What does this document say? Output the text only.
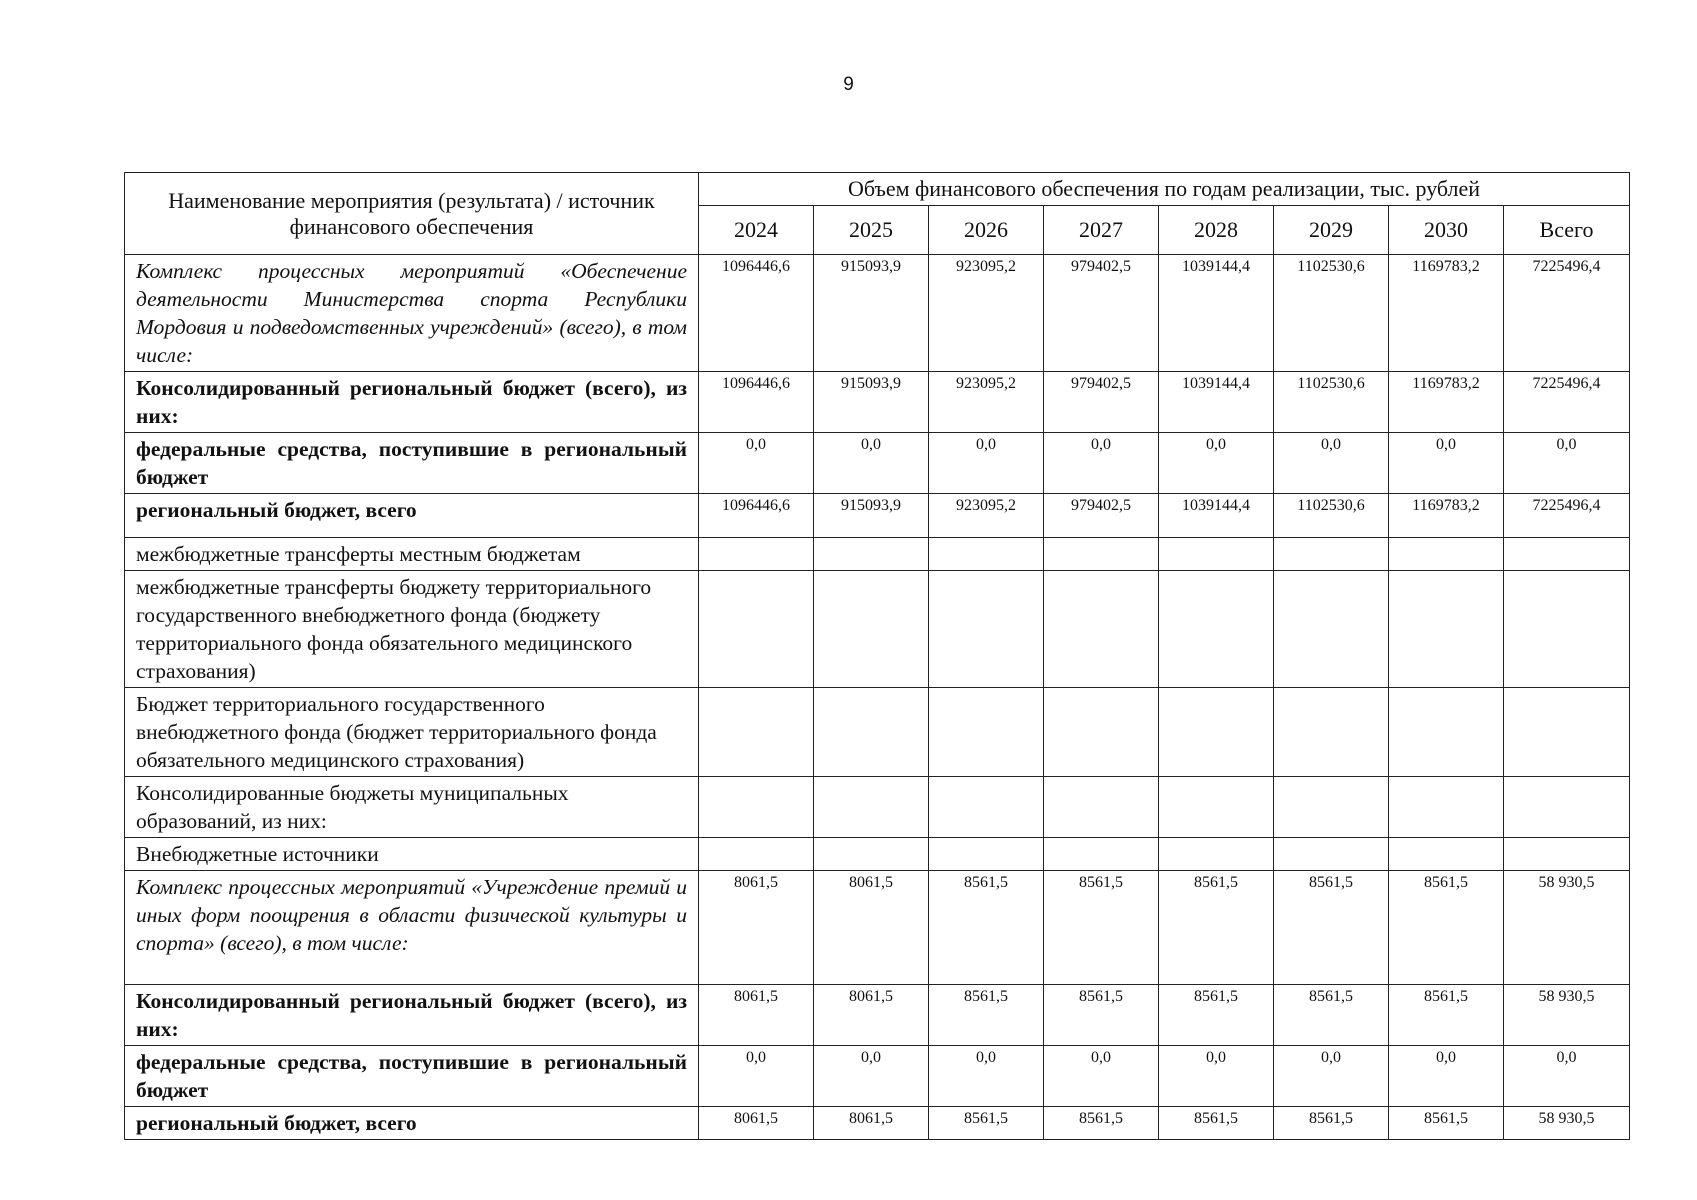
9
Наименование мероприятия (результата) / источник финансового обеспечения	Объем финансового обеспечения по годам реализации, тыс. рублей							
	2024	2025	2026	2027	2028	2029	2030	Всего
Комплекс процессных мероприятий «Обеспечение деятельности Министерства спорта Республики Мордовия и подведомственных учреждений» (всего), в том числе:	1096446,6	915093,9	923095,2	979402,5	1039144,4	1102530,6	1169783,2	7225496,4
Консолидированный региональный бюджет (всего), из них:	1096446,6	915093,9	923095,2	979402,5	1039144,4	1102530,6	1169783,2	7225496,4
федеральные средства, поступившие в региональный бюджет	0,0	0,0	0,0	0,0	0,0	0,0	0,0	0,0
региональный бюджет, всего	1096446,6	915093,9	923095,2	979402,5	1039144,4	1102530,6	1169783,2	7225496,4
межбюджетные трансферты местным бюджетам								
межбюджетные трансферты бюджету территориального государственного внебюджетного фонда (бюджету территориального фонда обязательного медицинского страхования)								
Бюджет территориального государственного внебюджетного фонда (бюджет территориального фонда обязательного медицинского страхования)								
Консолидированные бюджеты муниципальных образований, из них:								
Внебюджетные источники								
Комплекс процессных мероприятий «Учреждение премий и иных форм поощрения в области физической культуры и спорта» (всего), в том числе:	8061,5	8061,5	8561,5	8561,5	8561,5	8561,5	8561,5	58 930,5
Консолидированный региональный бюджет (всего), из них:	8061,5	8061,5	8561,5	8561,5	8561,5	8561,5	8561,5	58 930,5
федеральные средства, поступившие в региональный бюджет	0,0	0,0	0,0	0,0	0,0	0,0	0,0	0,0
региональный бюджет, всего	8061,5	8061,5	8561,5	8561,5	8561,5	8561,5	8561,5	58 930,5
